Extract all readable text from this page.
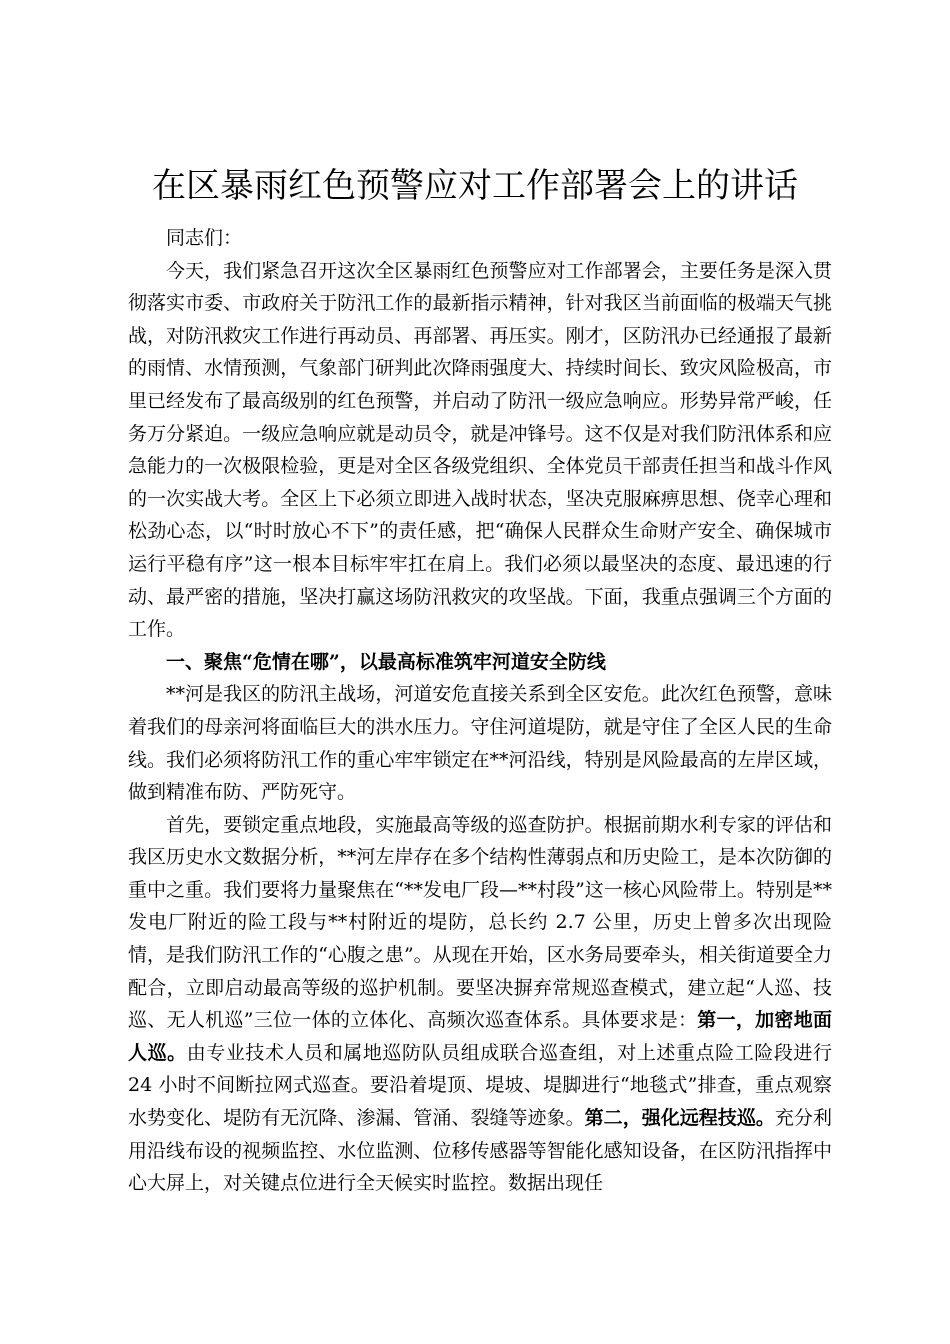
在区暴雨红色预警应对工作部署会上的讲话

同志们：

今天，我们紧急召开这次全区暴雨红色预警应对工作部署会，主要任务是深入贯彻落实市委、市政府关于防汛工作的最新指示精神，针对我区当前面临的极端天气挑战，对防汛救灾工作进行再动员、再部署、再压实。刚才，区防汛办已经通报了最新的雨情、水情预测，气象部门研判此次降雨强度大、持续时间长、致灾风险极高，市里已经发布了最高级别的红色预警，并启动了防汛一级应急响应。形势异常严峻，任务万分紧迫。一级应急响应就是动员令，就是冲锋号。这不仅是对我们防汛体系和应急能力的一次极限检验，更是对全区各级党组织、全体党员干部责任担当和战斗作风的一次实战大考。全区上下必须立即进入战时状态，坚决克服麻痹思想、侥幸心理和松劲心态，以“时时放心不下”的责任感，把“确保人民群众生命财产安全、确保城市运行平稳有序”这一根本目标牢牢扛在肩上。我们必须以最坚决的态度、最迅速的行动、最严密的措施，坚决打赢这场防汛救灾的攻坚战。下面，我重点强调三个方面的工作。

一、聚焦“危情在哪”，以最高标准筑牢河道安全防线

**河是我区的防汛主战场，河道安危直接关系到全区安危。此次红色预警，意味着我们的母亲河将面临巨大的洪水压力。守住河道堤防，就是守住了全区人民的生命线。我们必须将防汛工作的重心牢牢锁定在**河沿线，特别是风险最高的左岸区域，做到精准布防、严防死守。

首先，要锁定重点地段，实施最高等级的巡查防护。根据前期水利专家的评估和我区历史水文数据分析，**河左岸存在多个结构性薄弱点和历史险工，是本次防御的重中之重。我们要将力量聚焦在“**发电厂段—**村段”这一核心风险带上。特别是**发电厂附近的险工段与**村附近的堤防，总长约 2.7 公里，历史上曾多次出现险情，是我们防汛工作的“心腹之患”。从现在开始，区水务局要牵头，相关街道要全力配合，立即启动最高等级的巡护机制。要坚决摒弃常规巡查模式，建立起“人巡、技巡、无人机巡”三位一体的立体化、高频次巡查体系。具体要求是：第一，加密地面人巡。由专业技术人员和属地巡防队员组成联合巡查组，对上述重点险工险段进行 24 小时不间断拉网式巡查。要沿着堤顶、堤坡、堤脚进行“地毯式”排查，重点观察水势变化、堤防有无沉降、渗漏、管涌、裂缝等迹象。第二，强化远程技巡。充分利用沿线布设的视频监控、水位监测、位移传感器等智能化感知设备，在区防汛指挥中心大屏上，对关键点位进行全天候实时监控。数据出现任
